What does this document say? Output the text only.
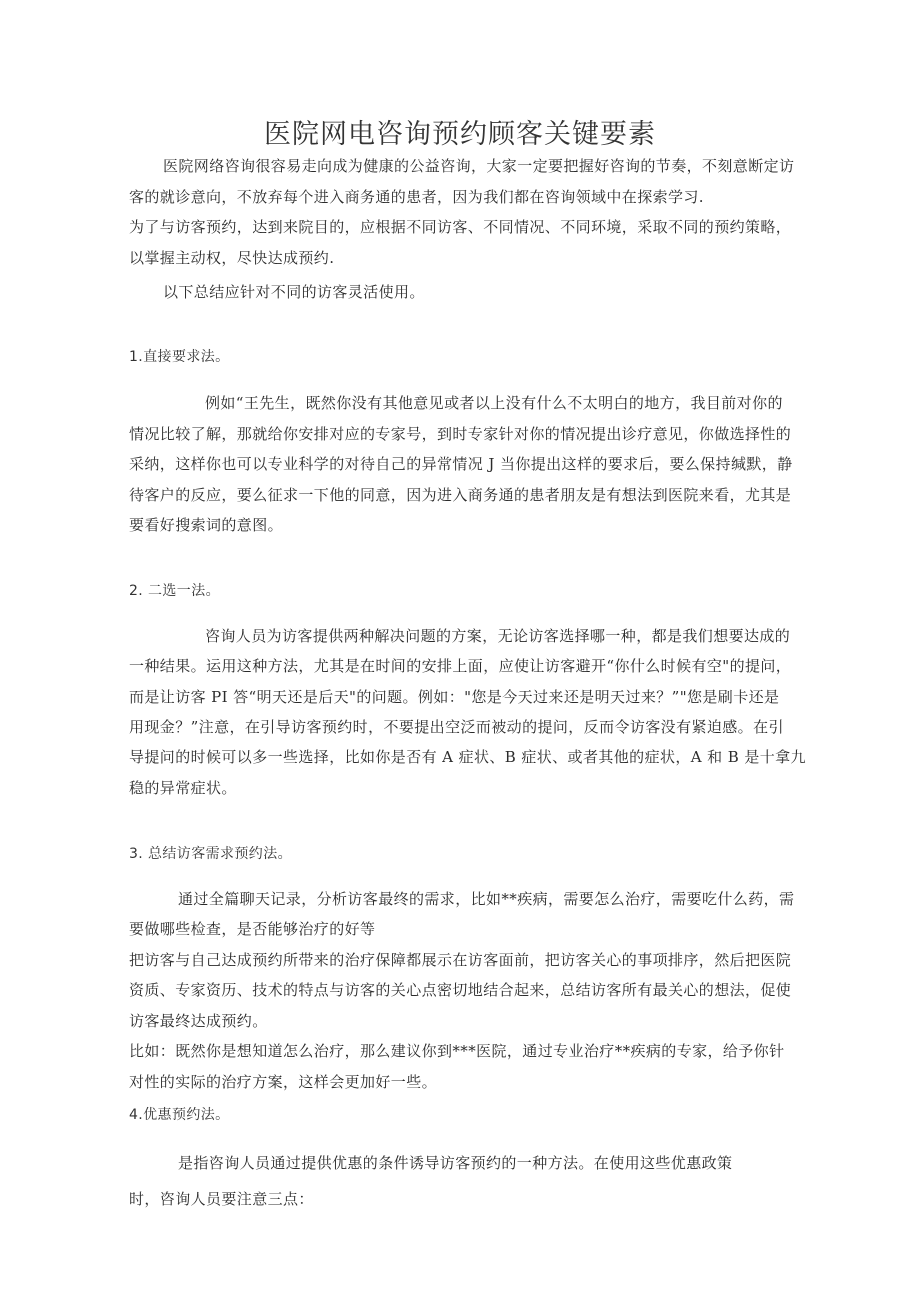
医院网电咨询预约顾客关键要素
医院网络咨询很容易走向成为健康的公益咨询，大家一定要把握好咨询的节奏，不刻意断定访
客的就诊意向，不放弃每个进入商务通的患者，因为我们都在咨询领域中在探索学习.
为了与访客预约，达到来院目的，应根据不同访客、不同情况、不同环境，采取不同的预约策略，
以掌握主动权，尽快达成预约.
以下总结应针对不同的访客灵活使用。
1.直接要求法。
例如“王先生，既然你没有其他意见或者以上没有什么不太明白的地方，我目前对你的
情况比较了解，那就给你安排对应的专家号，到时专家针对你的情况提出诊疗意见，你做选择性的
采纳，这样你也可以专业科学的对待自己的异常情况 J 当你提出这样的要求后，要么保持缄默，静
待客户的反应，要么征求一下他的同意，因为进入商务通的患者朋友是有想法到医院来看，尤其是
要看好搜索词的意图。
2. 二选一法。
咨询人员为访客提供两种解决问题的方案，无论访客选择哪一种，都是我们想要达成的
一种结果。运用这种方法，尤其是在时间的安排上面，应使让访客避开“你什么时候有空"的提问，
而是让访客 PI 答“明天还是后天"的问题。例如："您是今天过来还是明天过来？”"您是刷卡还是
用现金？”注意，在引导访客预约时，不要提出空泛而被动的提问，反而令访客没有紧迫感。在引
导提问的时候可以多一些选择，比如你是否有 A 症状、B 症状、或者其他的症状，A 和 B 是十拿九
稳的异常症状。
3. 总结访客需求预约法。
通过全篇聊天记录，分析访客最终的需求，比如**疾病，需要怎么治疗，需要吃什么药，需
要做哪些检查，是否能够治疗的好等
把访客与自己达成预约所带来的治疗保障都展示在访客面前，把访客关心的事项排序，然后把医院
资质、专家资历、技术的特点与访客的关心点密切地结合起来，总结访客所有最关心的想法，促使
访客最终达成预约。
比如：既然你是想知道怎么治疗，那么建议你到***医院，通过专业治疗**疾病的专家，给予你针
对性的实际的治疗方案，这样会更加好一些。
4.优惠预约法。
是指咨询人员通过提供优惠的条件诱导访客预约的一种方法。在使用这些优惠政策
时，咨询人员要注意三点：
